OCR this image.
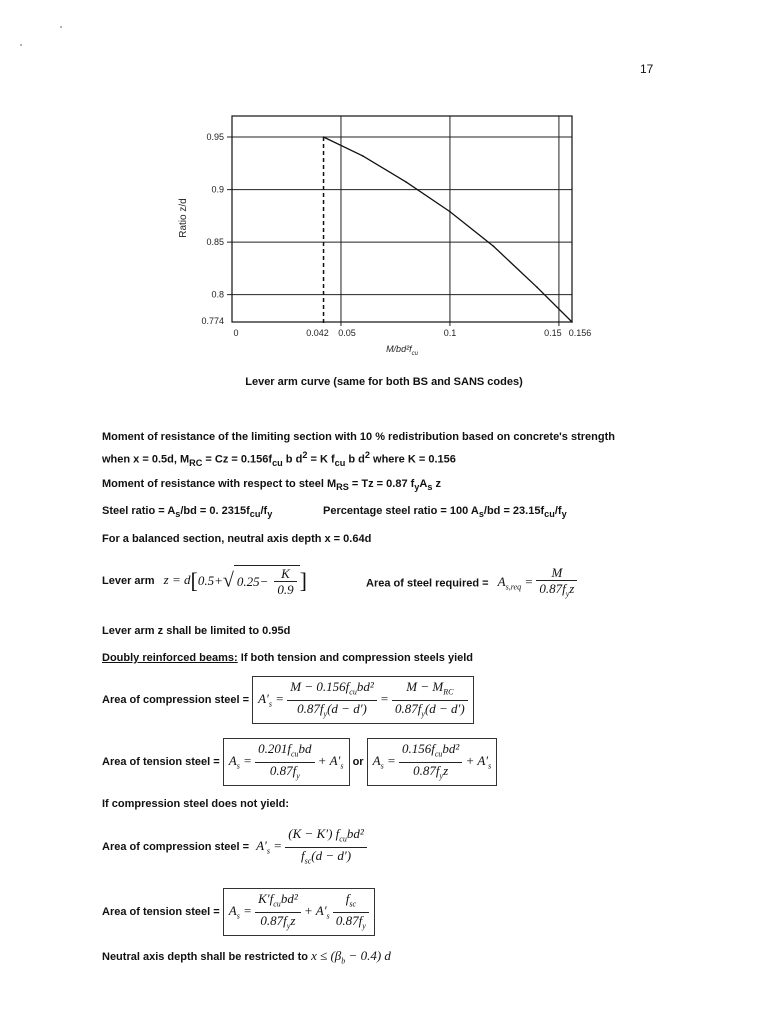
17
0	0.042 0.05	0.1	0.15 0.156
0.774
0.8
0.85
0.9
0.95
Ratio z/d
$M/bd^2f_{cu}$
Lever arm curve (same for both BS and SANS codes)
Moment of resistance of the limiting section with 10 % redistribution based on concrete's strength
when x = 0.5d, $M_{RC} = Cz = 0.156f_{cu}$ b $d^2 = K$ $f_{cu}$ b $d^2$ where K = 0.156
Moment of resistance with respect to steel $M_{RS} = Tz = 0.87$ $f_yA_s$ z
Steel ratio = $A_s/bd = 0$. $2315f_{cu}/f_y$	Percentage steel ratio = 100 $A_s/bd = 23.15f_{cu}/f_y$
For a balanced section, neutral axis depth x = 0.64d
Lever arm z = d[0.5+√ $0.25- \frac{K}{0.9}$ ]	Area of steel required = $A_{s,req} = \frac{M}{0.87f_yz}$
Lever arm z shall be limited to 0.95d
Doubly reinforced beams: If both tension and compression steels yield
Area of compression steel = $A'_s = \frac{M - 0.156f_{cu}bd^2}{0.87f_y(d - d')} = \frac{M - M_{RC}}{0.87f_y(d - d')}$
Area of tension steel = $A_s = \frac{0.201f_{cu}bd}{0.87f_y} + A'_s$ or $A_s = \frac{0.156f_{cu}bd^2}{0.87f_yz} + A'_s$
If compression steel does not yield:
Area of compression steel = $A'_s = \frac{(K - K') f_{cu}bd^2}{f_{sc}(d - d')}$
Area of tension steel = $A_s = \frac{K'f_{cu}bd^2}{0.87f_yz} + A'_s \frac{f_{sc}}{0.87f_y}$
Neutral axis depth shall be restricted to $x \le (\beta_b - 0.4)$ d
